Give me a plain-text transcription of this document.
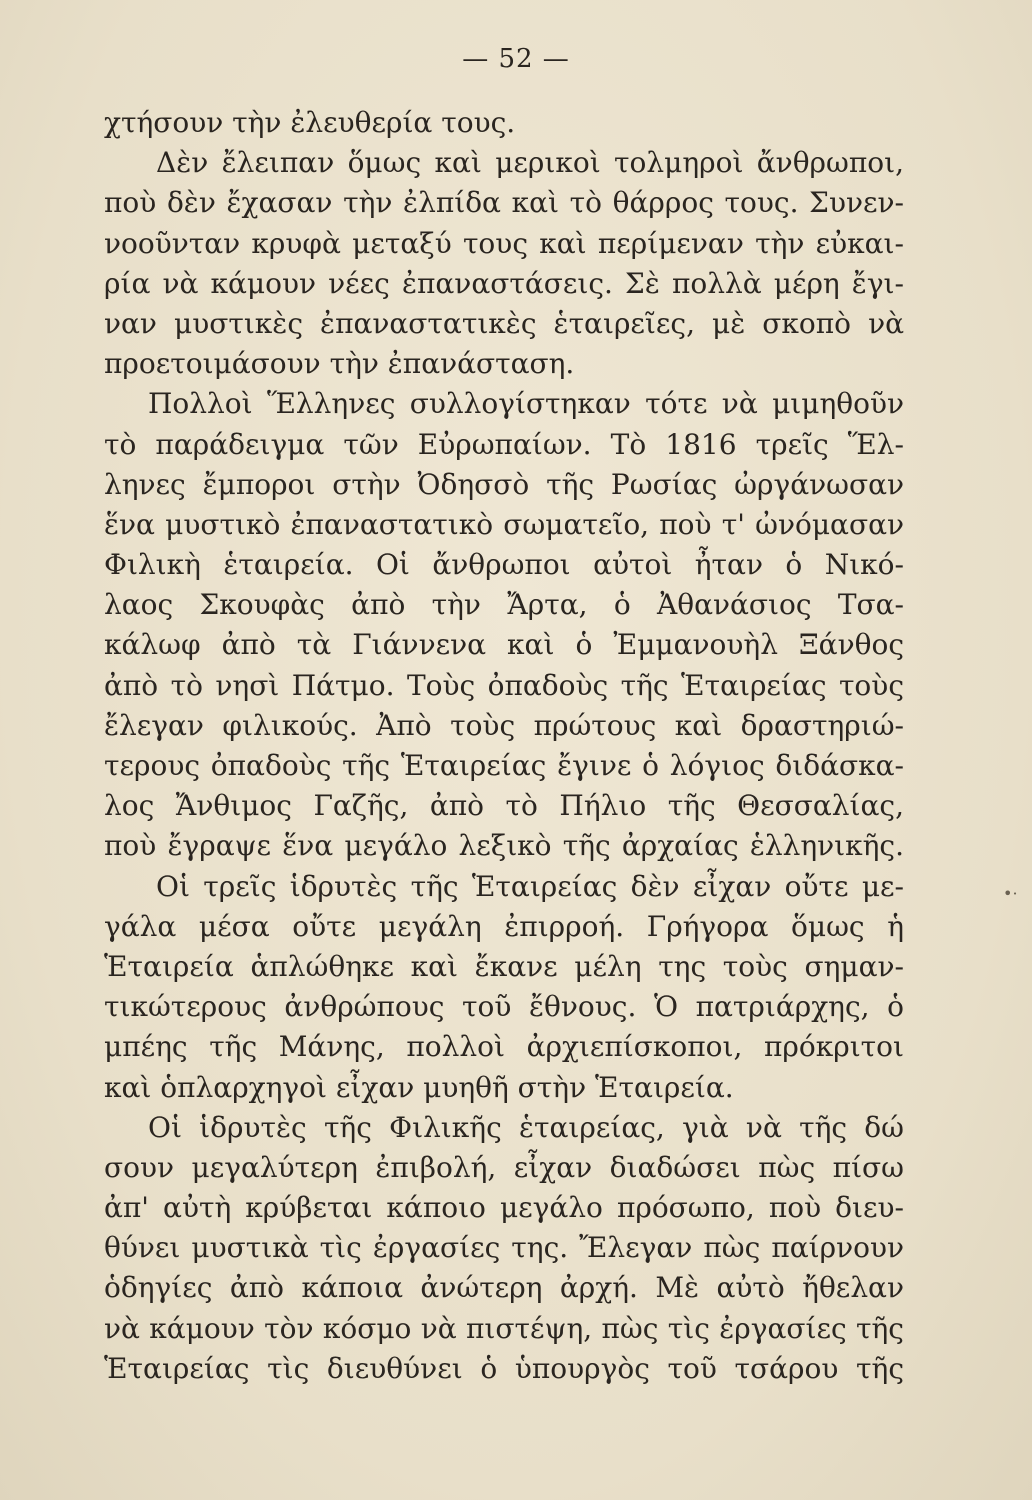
— 52 —
χτήσουν τὴν ἐλευθερία τους.
Δὲν ἔλειπαν ὅμως καὶ μερικοὶ τολμηροὶ ἄνθρωποι,
ποὺ δὲν ἔχασαν τὴν ἐλπίδα καὶ τὸ θάρρος τους. Συνεν-
νοοῦνταν κρυφὰ μεταξύ τους καὶ περίμεναν τὴν εὐκαι-
ρία νὰ κάμουν νέες ἐπαναστάσεις. Σὲ πολλὰ μέρη ἔγι-
ναν μυστικὲς ἐπαναστατικὲς ἑταιρεῖες, μὲ σκοπὸ νὰ
προετοιμάσουν τὴν ἐπανάσταση.
Πολλοὶ Ἕλληνες συλλογίστηκαν τότε νὰ μιμηθοῦν
τὸ παράδειγμα τῶν Εὐρωπαίων. Τὸ 1816 τρεῖς Ἕλ-
ληνες ἔμποροι στὴν Ὀδησσὸ τῆς Ρωσίας ὠργάνωσαν
ἕνα μυστικὸ ἐπαναστατικὸ σωματεῖο, ποὺ τ' ὠνόμασαν
Φιλικὴ ἑταιρεία. Οἱ ἄνθρωποι αὐτοὶ ἦταν ὁ Νικό-
λαος Σκουφὰς ἀπὸ τὴν Ἄρτα, ὁ Ἀθανάσιος Τσα-
κάλωφ ἀπὸ τὰ Γιάννενα καὶ ὁ Ἐμμανουὴλ Ξάνθος
ἀπὸ τὸ νησὶ Πάτμο. Τοὺς ὀπαδοὺς τῆς Ἑταιρείας τοὺς
ἔλεγαν φιλικούς. Ἀπὸ τοὺς πρώτους καὶ δραστηριώ-
τερους ὀπαδοὺς τῆς Ἑταιρείας ἔγινε ὁ λόγιος διδάσκα-
λος Ἄνθιμος Γαζῆς, ἀπὸ τὸ Πήλιο τῆς Θεσσαλίας,
ποὺ ἔγραψε ἕνα μεγάλο λεξικὸ τῆς ἀρχαίας ἑλληνικῆς.
Οἱ τρεῖς ἱδρυτὲς τῆς Ἑταιρείας δὲν εἶχαν οὔτε με-
γάλα μέσα οὔτε μεγάλη ἐπιρροή. Γρήγορα ὅμως ἡ
Ἑταιρεία ἁπλώθηκε καὶ ἔκανε μέλη της τοὺς σημαν-
τικώτερους ἀνθρώπους τοῦ ἔθνους. Ὁ πατριάρχης, ὁ
μπέης τῆς Μάνης, πολλοὶ ἀρχιεπίσκοποι, πρόκριτοι
καὶ ὁπλαρχηγοὶ εἶχαν μυηθῆ στὴν Ἑταιρεία.
Οἱ ἱδρυτὲς τῆς Φιλικῆς ἑταιρείας, γιὰ νὰ τῆς δώ
σουν μεγαλύτερη ἐπιβολή, εἶχαν διαδώσει πὼς πίσω
ἀπ' αὐτὴ κρύβεται κάποιο μεγάλο πρόσωπο, ποὺ διευ-
θύνει μυστικὰ τὶς ἐργασίες της. Ἔλεγαν πὼς παίρνουν
ὁδηγίες ἀπὸ κάποια ἀνώτερη ἀρχή. Μὲ αὐτὸ ἤθελαν
νὰ κάμουν τὸν κόσμο νὰ πιστέψη, πὼς τὶς ἐργασίες τῆς
Ἑταιρείας τὶς διευθύνει ὁ ὑπουργὸς τοῦ τσάρου τῆς
•·
